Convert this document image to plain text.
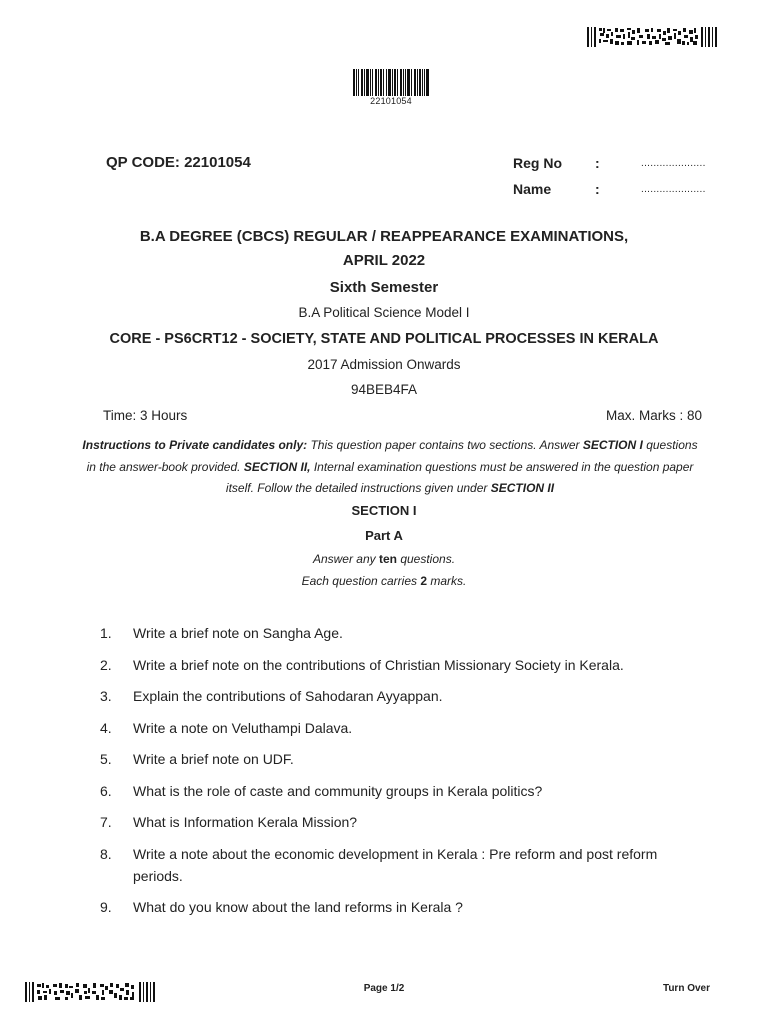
22101054
QP CODE: 22101054	Reg No	:	.....................
Name	:	.....................
B.A DEGREE (CBCS) REGULAR / REAPPEARANCE EXAMINATIONS,
APRIL 2022
Sixth Semester
B.A Political Science Model I
CORE - PS6CRT12 - SOCIETY, STATE AND POLITICAL PROCESSES IN KERALA
2017 Admission Onwards
94BEB4FA
Time: 3 Hours	Max. Marks : 80
Instructions to Private candidates only: This question paper contains two sections. Answer SECTION I questions in the answer-book provided. SECTION II, Internal examination questions must be answered in the question paper itself. Follow the detailed instructions given under SECTION II
SECTION I
Part A
Answer any ten questions.
Each question carries 2 marks.
1.	Write a brief note on Sangha Age.
2.	Write a brief note on the contributions of Christian Missionary Society in Kerala.
3.	Explain the contributions of Sahodaran Ayyappan.
4.	Write a note on Veluthampi Dalava.
5.	Write a brief note on UDF.
6.	What is the role of caste and community groups in Kerala politics?
7.	What is Information Kerala Mission?
8.	Write a note about the economic development in Kerala : Pre reform and post reform periods.
9.	What do you know about the land reforms in Kerala ?
Page 1/2	Turn Over
